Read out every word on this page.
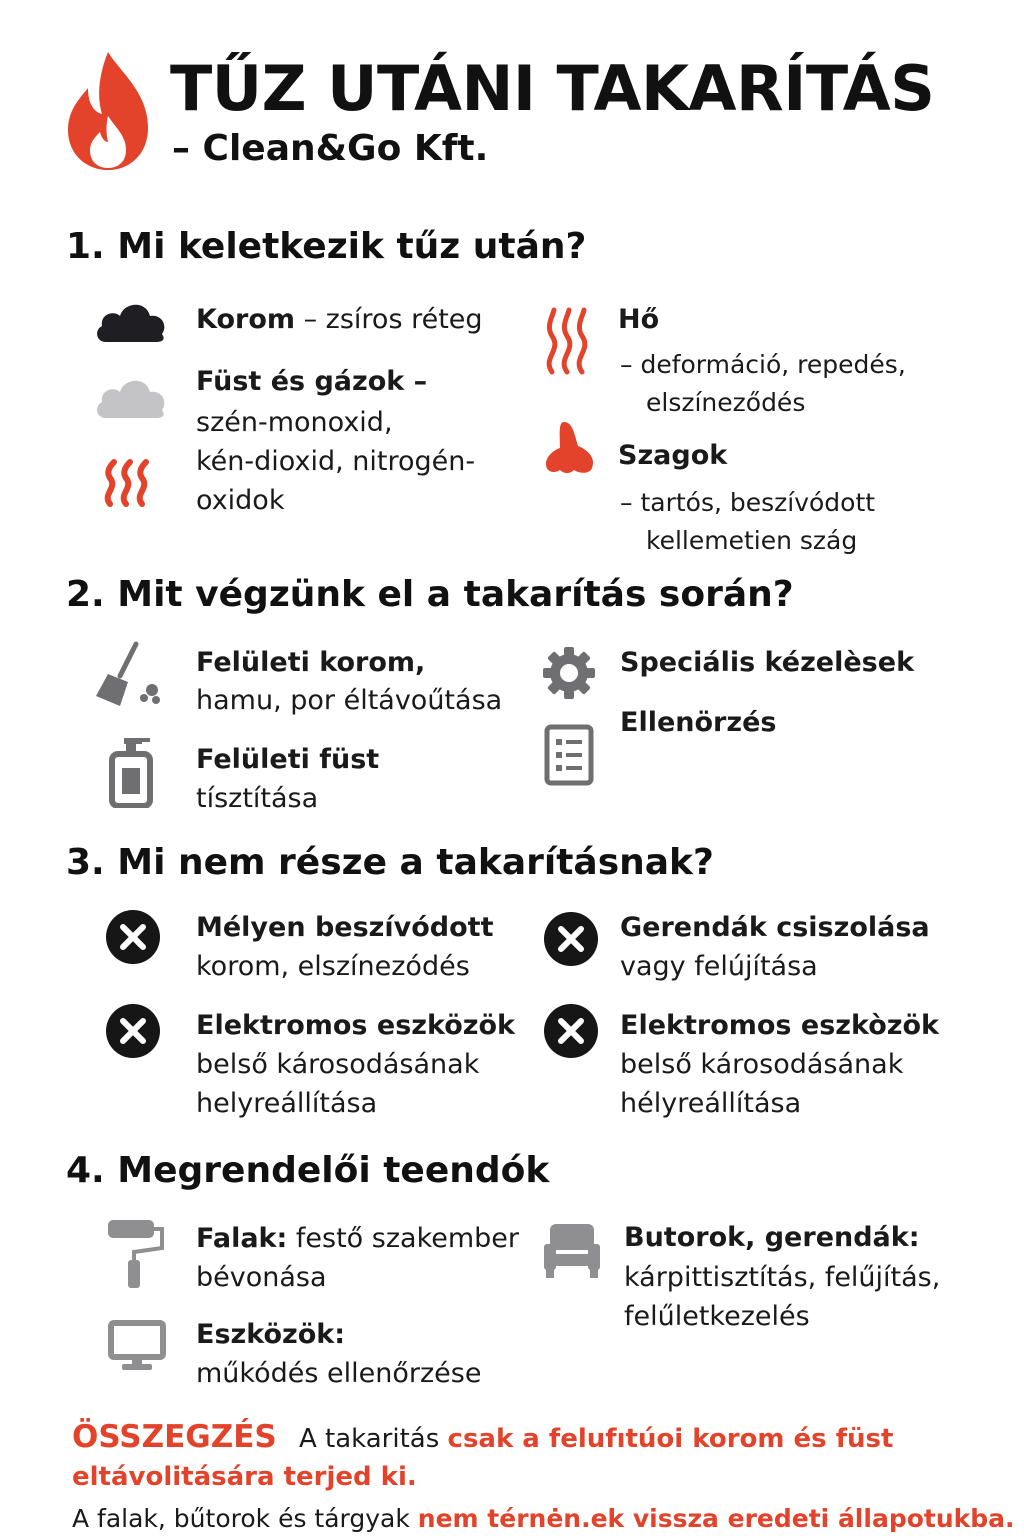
TŰZ UTÁNI TAKARÍTÁS
– Clean&Go Kft.
1. Mi keletkezik tűz után?
Korom – zsíros réteg
Füst és gázok –
szén-monoxid,
kén-dioxid, nitrogén-
oxidok
Hő
– deformáció, repedés,
elszíneződés
Szagok
– tartós, beszívódott
kellemetien szág
2. Mit végzünk el a takarítás során?
Felületi korom,
hamu, por éltávoűtása
Felületi füst
tísztítása
Speciális kézelèsek
Ellenörzés
3. Mi nem része a takarításnak?
Mélyen beszívódott
korom, elszínezódés
Gerendák csiszolása
vagy felújítása
Elektromos eszközök
belső károsodásának
helyreállítása
Elektromos eszkòzök
belső károsodásának
hélyreállítása
4. Megrendelői teendók
Falak: festő szakember
bévonása
Eszközök:
műkódés ellenőrzése
Butorok, gerendák:
kárpittisztítás, felűjítás,
felűletkezelés
ÖSSZEGZÉS A takaritás csak a felufıtúoi korom és füst
eltávolitására terjed ki.
A falak, bűtorok és tárgyak nem térnėn.ek vissza eredeti állapotukba.
